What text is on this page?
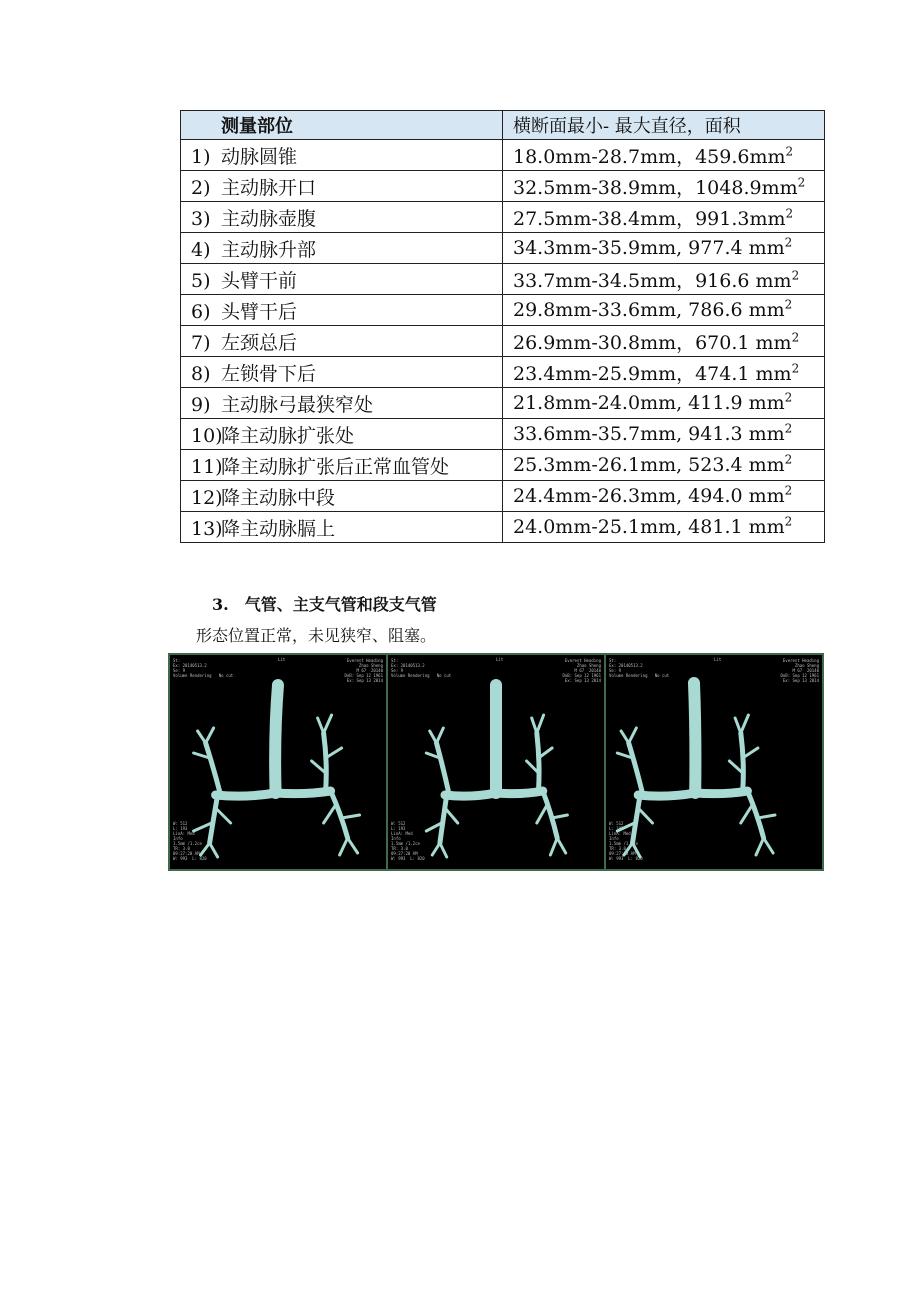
测量部位	横断面最小- 最大直径，面积
1) 动脉圆锥	18.0mm-28.7mm，$459.6mm^2$
2) 主动脉开口	32.5mm-38.9mm，$1048.9mm^2$
3) 主动脉壶腹	27.5mm-38.4mm，$991.3mm^2$
4) 主动脉升部	34.3mm-35.9mm, 977.4 $mm^2$
5) 头臂干前	33.7mm-34.5mm，916.6 $mm^2$
6) 头臂干后	29.8mm-33.6mm, 786.6 $mm^2$
7) 左颈总后	26.9mm-30.8mm，670.1 $mm^2$
8) 左锁骨下后	23.4mm-25.9mm，474.1 $mm^2$
9) 主动脉弓最狭窄处	21.8mm-24.0mm, 411.9 $mm^2$
10)降主动脉扩张处	33.6mm-35.7mm, 941.3 $mm^2$
11)降主动脉扩张后正常血管处	25.3mm-26.1mm, 523.4 $mm^2$
12)降主动脉中段	24.4mm-26.3mm, 494.0 $mm^2$
13)降主动脉膈上	24.0mm-25.1mm, 481.1 $mm^2$
3. 气管、主支气管和段支气管
形态位置正常，未见狭窄、阻塞。
St:
Ex: 20140513.2
Se: 9
Volume Rendering   No cut
Everest Heading
Zhao Sheng
M 67  20140
DoB: Sep 12 1961
Ex: Sep 13 2014
W: 512
L: 193
LinA: Med
Info
1.5mm /1.2ce
TR: 3.0
09:27:20 AM
W: 993  L: 820
Lit	St:
Ex: 20140513.2
Se: 9
Volume Rendering   No cut
Everest Heading
Zhao Sheng
M 67  20140
DoB: Sep 12 1961
Ex: Sep 13 2014
W: 512
L: 193
LinA: Med
Info
1.5mm /1.2ce
TR: 3.0
09:27:20 AM
W: 993  L: 820
Lit	St:
Ex: 20140513.2
Se: 9
Volume Rendering   No cut
Everest Heading
Zhao Sheng
M 67  20140
DoB: Sep 12 1961
Ex: Sep 13 2014
W: 512
L: 193
LinA: Med
Info
1.5mm /1.2ce
TR: 3.0
09:27:20 AM
W: 993  L: 820
Lit
